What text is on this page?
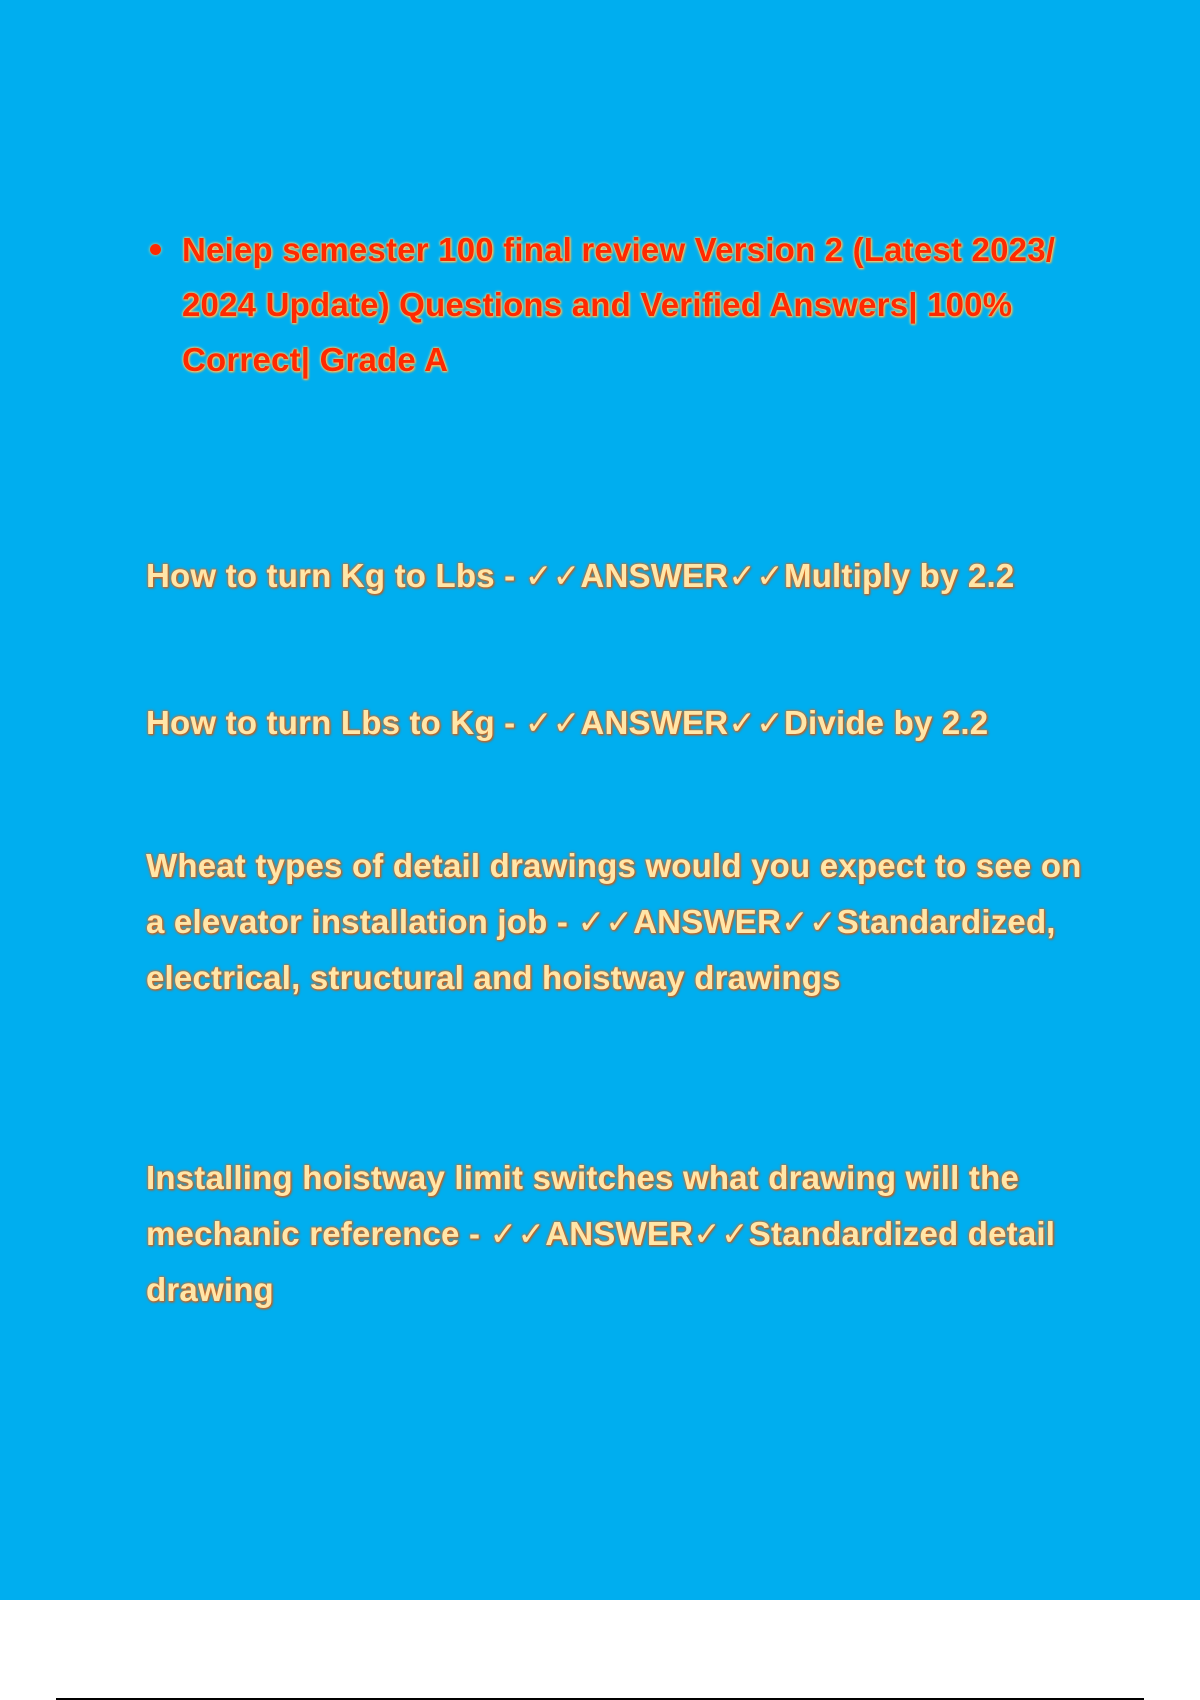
Neiep semester 100 final review Version 2 (Latest 2023/ 2024 Update) Questions and Verified Answers| 100% Correct| Grade A

How to turn Kg to Lbs - ✓✓ANSWER✓✓Multiply by 2.2

How to turn Lbs to Kg - ✓✓ANSWER✓✓Divide by 2.2

Wheat types of detail drawings would you expect to see on a elevator installation job - ✓✓ANSWER✓✓Standardized, electrical, structural and hoistway drawings

Installing hoistway limit switches what drawing will the mechanic reference - ✓✓ANSWER✓✓Standardized detail drawing
